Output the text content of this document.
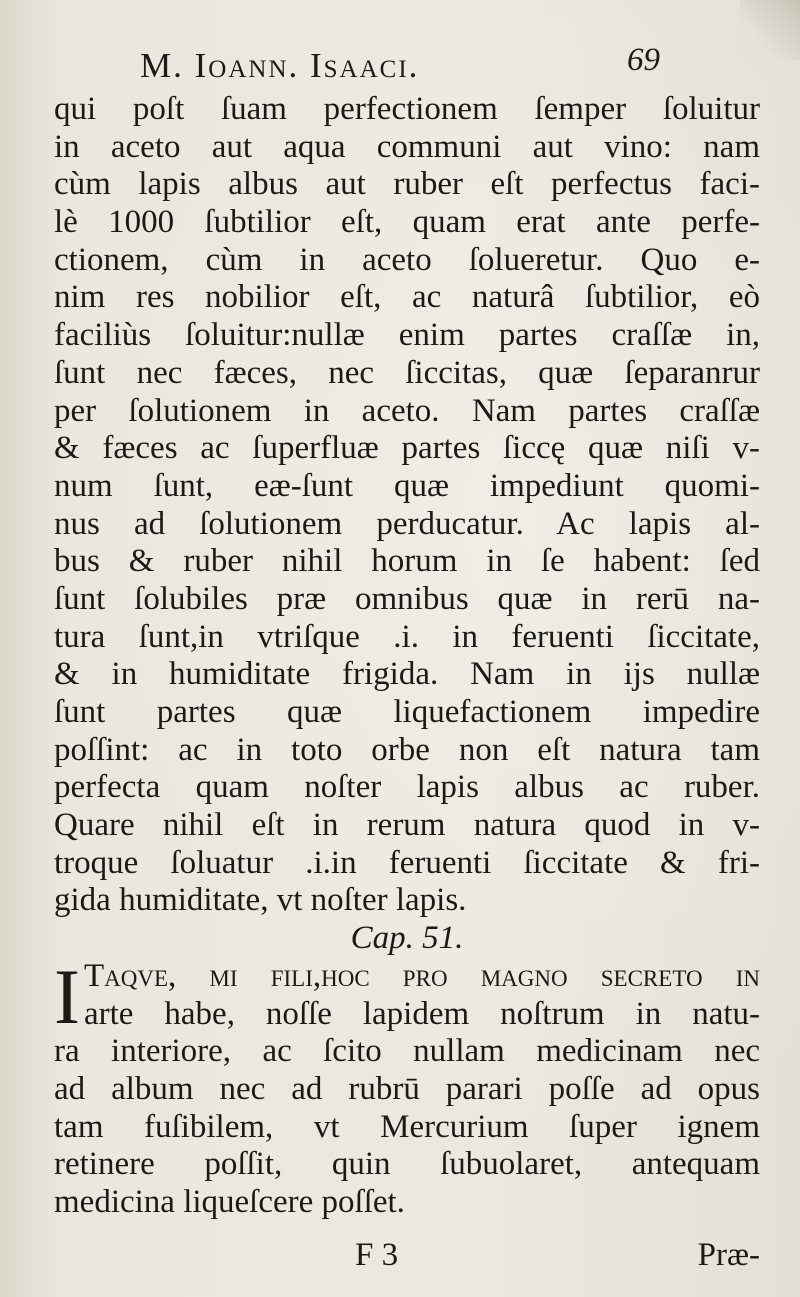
M. Ioann. Isaaci.	69
qui poſt ſuam perfectionem ſemper ſoluitur
in aceto aut aqua communi aut vino: nam
cùm lapis albus aut ruber eſt perfectus faci-
lè 1000 ſubtilior eſt, quam erat ante perfe-
ctionem, cùm in aceto ſolueretur. Quo e-
nim res nobilior eſt, ac naturâ ſubtilior, eò
faciliùs ſoluitur:nullæ enim partes craſſæ in,
ſunt nec fæces, nec ſiccitas, quæ ſeparanrur
per ſolutionem in aceto. Nam partes craſſæ
& fæces ac ſuperfluæ partes ſiccę quæ niſi v-
num ſunt, eæ-ſunt quæ impediunt quomi-
nus ad ſolutionem perducatur. Ac lapis al-
bus & ruber nihil horum in ſe habent: ſed
ſunt ſolubiles præ omnibus quæ in rerū na-
tura ſunt,in vtriſque .i. in feruenti ſiccitate,
& in humiditate frigida. Nam in ijs nullæ
ſunt partes quæ liquefactionem impedire
poſſint: ac in toto orbe non eſt natura tam
perfecta quam noſter lapis albus ac ruber.
Quare nihil eſt in rerum natura quod in v-
troque ſoluatur .i.in feruenti ſiccitate & fri-
gida humiditate, vt noſter lapis.
Cap. 51.
I Taqve, mi fili,hoc pro magno ſecreto in
arte habe, noſſe lapidem noſtrum in natu-
ra interiore, ac ſcito nullam medicinam nec
ad album nec ad rubrū parari poſſe ad opus
tam fuſibilem, vt Mercurium ſuper ignem
retinere poſſit, quin ſubuolaret, antequam
medicina liqueſcere poſſet.
F 3	Præ-
